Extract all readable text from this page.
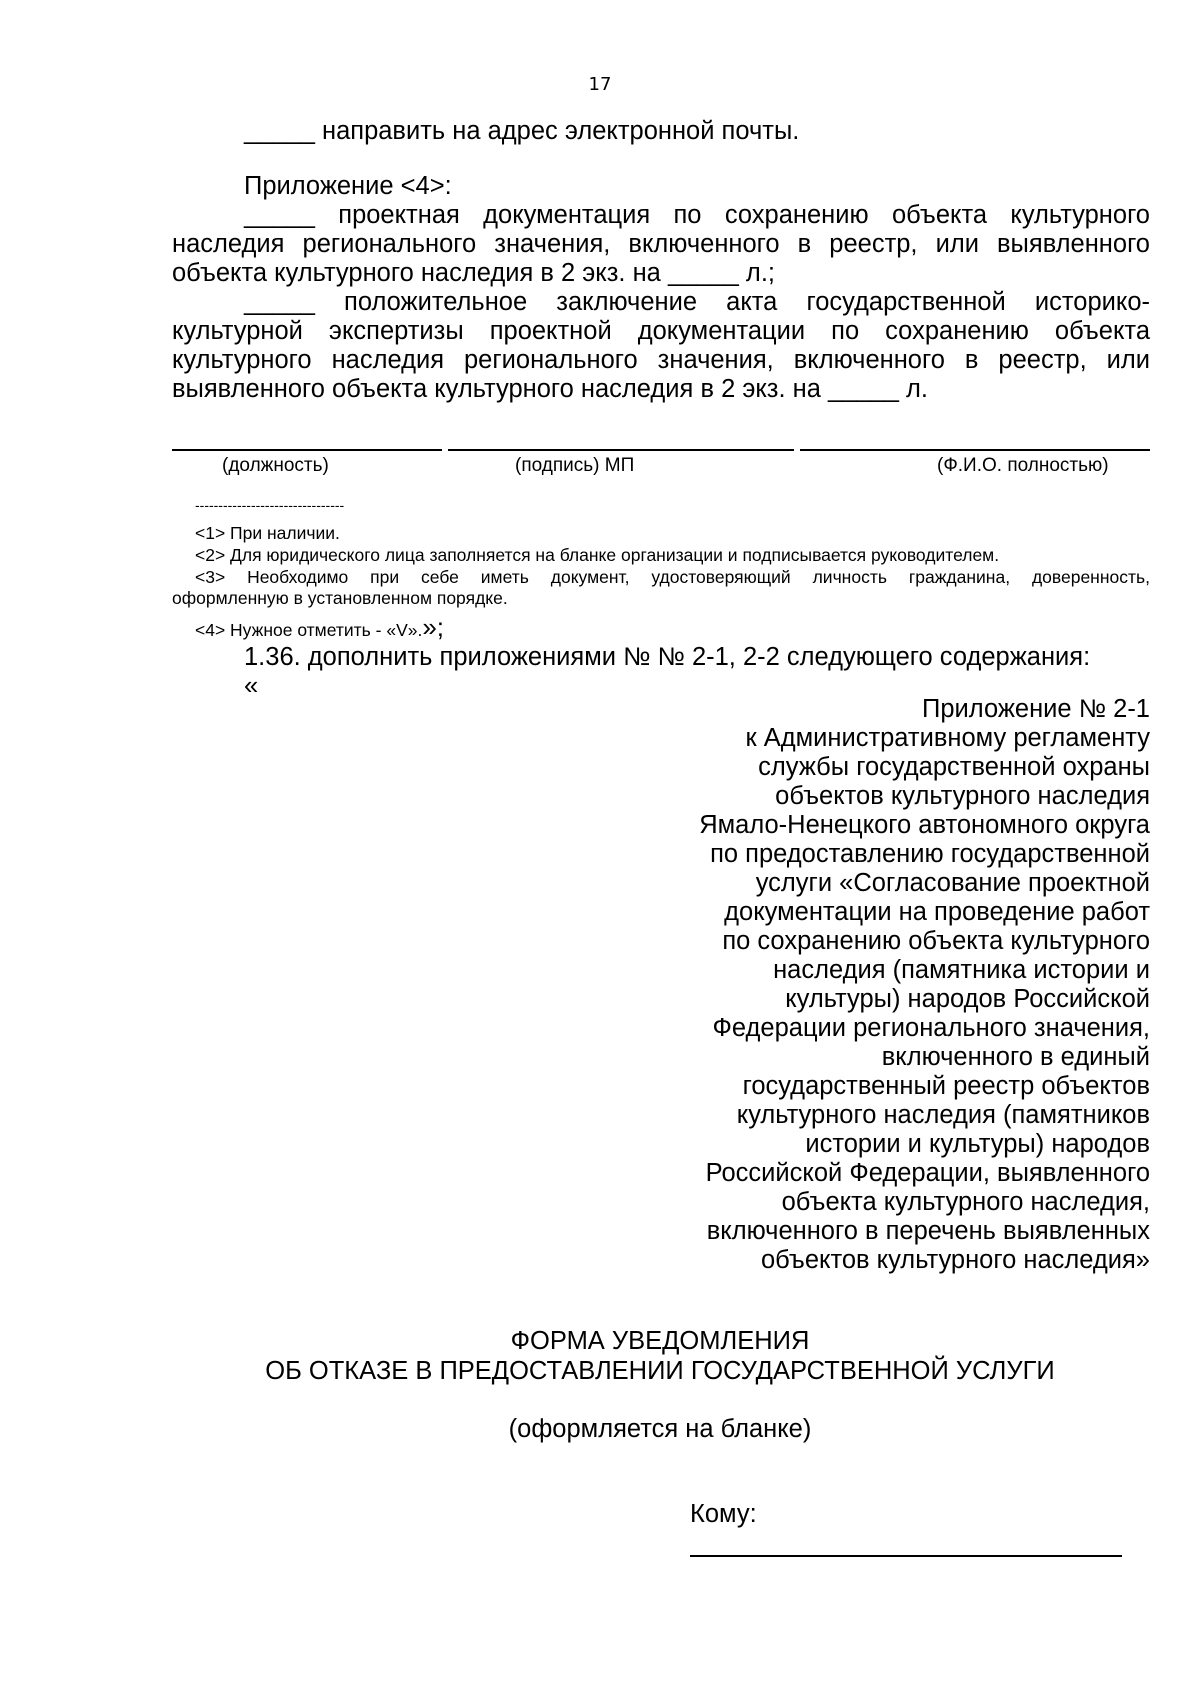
17
_____ направить на адрес электронной почты.
Приложение <4>:
_____ проектная документация по сохранению объекта культурного
наследия регионального значения, включенного в реестр, или выявленного
объекта культурного наследия в 2 экз. на _____ л.;
_____ положительное заключение акта государственной историко-
культурной экспертизы проектной документации по сохранению объекта
культурного наследия регионального значения, включенного в реестр, или
выявленного объекта культурного наследия в 2 экз. на _____ л.
(должность)	(подпись) МП	(Ф.И.О. полностью)
--------------------------------
<1> При наличии.
<2> Для юридического лица заполняется на бланке организации и подписывается руководителем.
<3> Необходимо при себе иметь документ, удостоверяющий личность гражданина, доверенность,
оформленную в установленном порядке.
<4> Нужное отметить - «V».»;
1.36. дополнить приложениями № № 2-1, 2-2 следующего содержания:
«
Приложение № 2-1
к Административному регламенту
службы государственной охраны
объектов культурного наследия
Ямало-Ненецкого автономного округа
по предоставлению государственной
услуги «Согласование проектной
документации на проведение работ
по сохранению объекта культурного
наследия (памятника истории и
культуры) народов Российской
Федерации регионального значения,
включенного в единый
государственный реестр объектов
культурного наследия (памятников
истории и культуры) народов
Российской Федерации, выявленного
объекта культурного наследия,
включенного в перечень выявленных
объектов культурного наследия»
ФОРМА УВЕДОМЛЕНИЯ
ОБ ОТКАЗЕ В ПРЕДОСТАВЛЕНИИ ГОСУДАРСТВЕННОЙ УСЛУГИ
(оформляется на бланке)
Кому:
